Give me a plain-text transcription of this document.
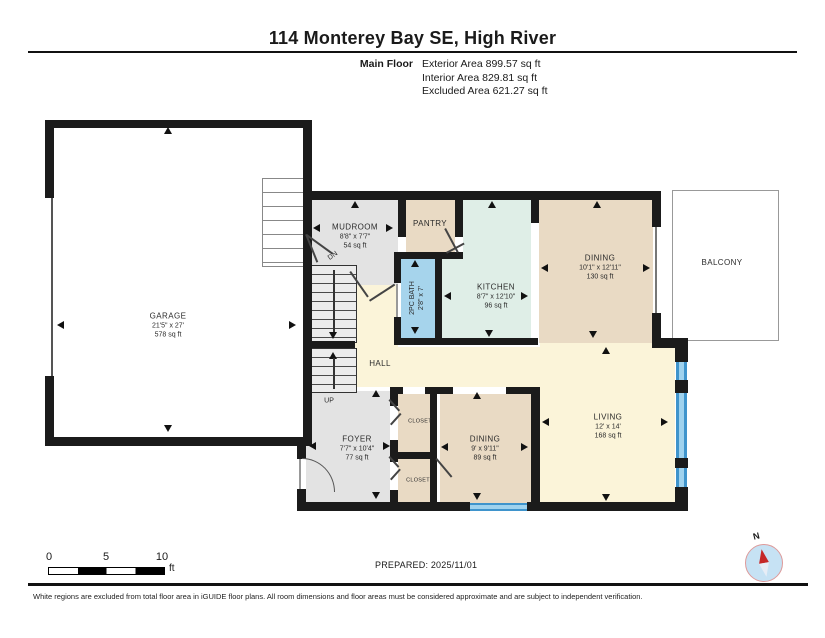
114 Monterey Bay SE, High River
Main Floor Exterior Area 899.57 sq ft
Interior Area 829.81 sq ft
Excluded Area 621.27 sq ft
GARAGE
21'5" x 27'
578 sq ft
MUDROOM
8'8" x 7'7"
54 sq ft
PANTRY
2PC BATH 2'8" x 7'	KITCHEN
8'7" x 12'10"
96 sq ft
DINING
10'1" x 12'11"
130 sq ft
BALCONY
HALL
LIVING
12' x 14'
168 sq ft
FOYER
7'7" x 10'4"
77 sq ft
DINING
9' x 9'11"
89 sq ft
CLOSET
CLOSET
UP
DN
0	5	10
ft	PREPARED: 2025/11/01
N
White regions are excluded from total floor area in iGUIDE floor plans. All room dimensions and floor areas must be considered approximate and are subject to independent verification.
